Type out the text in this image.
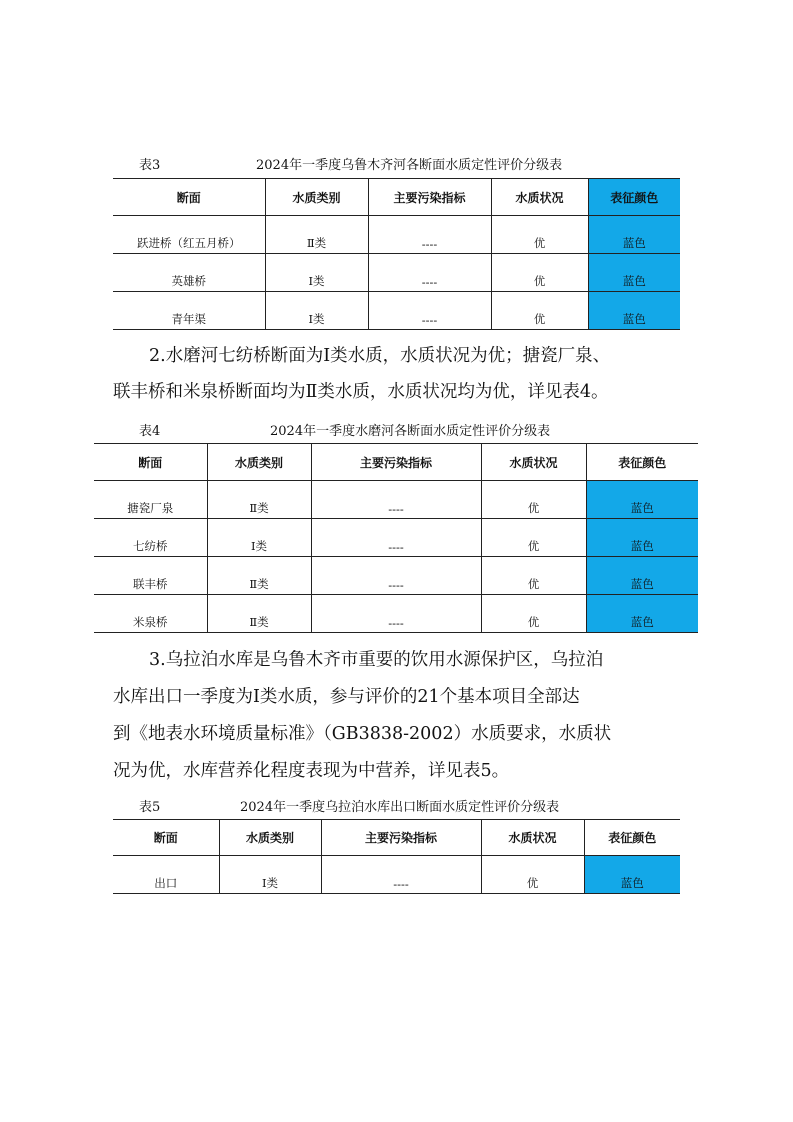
表3	2024年一季度乌鲁木齐河各断面水质定性评价分级表
断面	水质类别	主要污染指标	水质状况	表征颜色
跃进桥（红五月桥）	Ⅱ类	----	优	蓝色
英雄桥	Ⅰ类	----	优	蓝色
青年渠	Ⅰ类	----	优	蓝色
2.水磨河七纺桥断面为Ⅰ类水质，水质状况为优；搪瓷厂泉、
联丰桥和米泉桥断面均为Ⅱ类水质，水质状况均为优，详见表4。
表4	2024年一季度水磨河各断面水质定性评价分级表
断面	水质类别	主要污染指标	水质状况	表征颜色
搪瓷厂泉	Ⅱ类	----	优	蓝色
七纺桥	Ⅰ类	----	优	蓝色
联丰桥	Ⅱ类	----	优	蓝色
米泉桥	Ⅱ类	----	优	蓝色
3.乌拉泊水库是乌鲁木齐市重要的饮用水源保护区，乌拉泊
水库出口一季度为Ⅰ类水质，参与评价的21个基本项目全部达
到《地表水环境质量标准》（GB3838-2002）水质要求，水质状
况为优，水库营养化程度表现为中营养，详见表5。
表5	2024年一季度乌拉泊水库出口断面水质定性评价分级表
断面	水质类别	主要污染指标	水质状况	表征颜色
出口	Ⅰ类	----	优	蓝色
